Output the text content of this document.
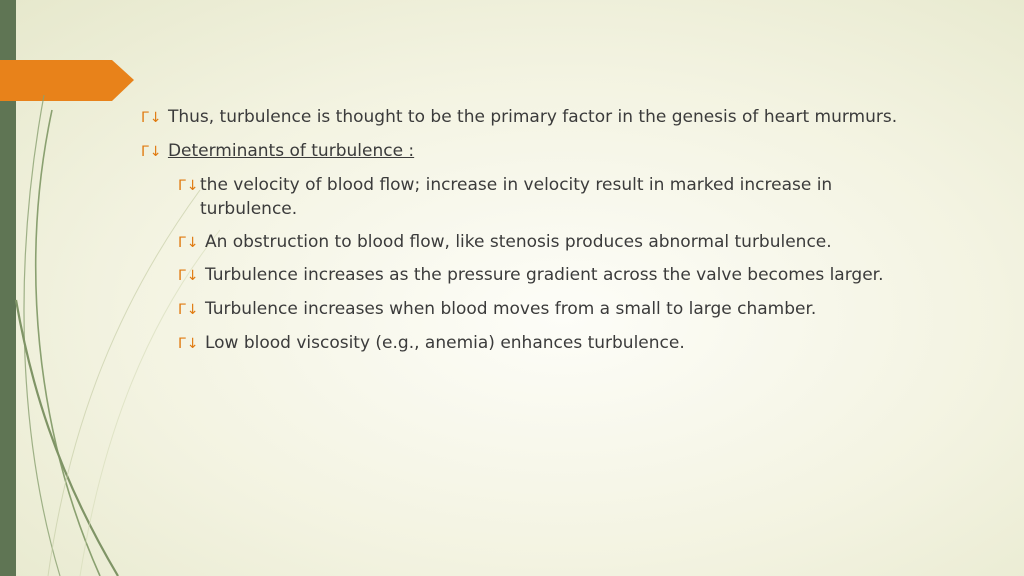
Γ↓ Thus, turbulence is thought to be the primary factor in the genesis of heart murmurs.
Γ↓ Determinants of turbulence :
Γ↓ the velocity of blood flow; increase in velocity result in marked increase in turbulence.
Γ↓ An obstruction to blood flow, like stenosis produces abnormal turbulence.
Γ↓ Turbulence increases as the pressure gradient across the valve becomes larger.
Γ↓ Turbulence increases when blood moves from a small to large chamber.
Γ↓ Low blood viscosity (e.g., anemia) enhances turbulence.
